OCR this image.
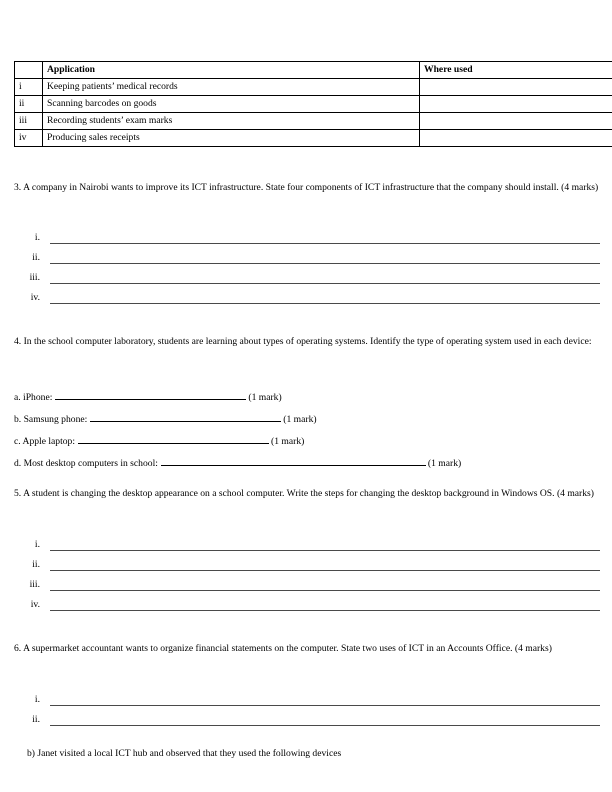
	Application	Where used
i	Keeping patients’ medical records	
ii	Scanning barcodes on goods	
iii	Recording students’ exam marks	
iv	Producing sales receipts	
3. A company in Nairobi wants to improve its ICT infrastructure. State four components of ICT infrastructure that the company should install. (4 marks)
i.
ii.
iii.
iv.
4. In the school computer laboratory, students are learning about types of operating systems. Identify the type of operating system used in each device:
a. iPhone:	(1 mark)
b. Samsung phone:	(1 mark)
c. Apple laptop:	(1 mark)
d. Most desktop computers in school:	(1 mark)
5. A student is changing the desktop appearance on a school computer. Write the steps for changing the desktop background in Windows OS. (4 marks)
i.
ii.
iii.
iv.
6. A supermarket accountant wants to organize financial statements on the computer. State two uses of ICT in an Accounts Office. (4 marks)
i.
ii.
b) Janet visited a local ICT hub and observed that they used the following devices
